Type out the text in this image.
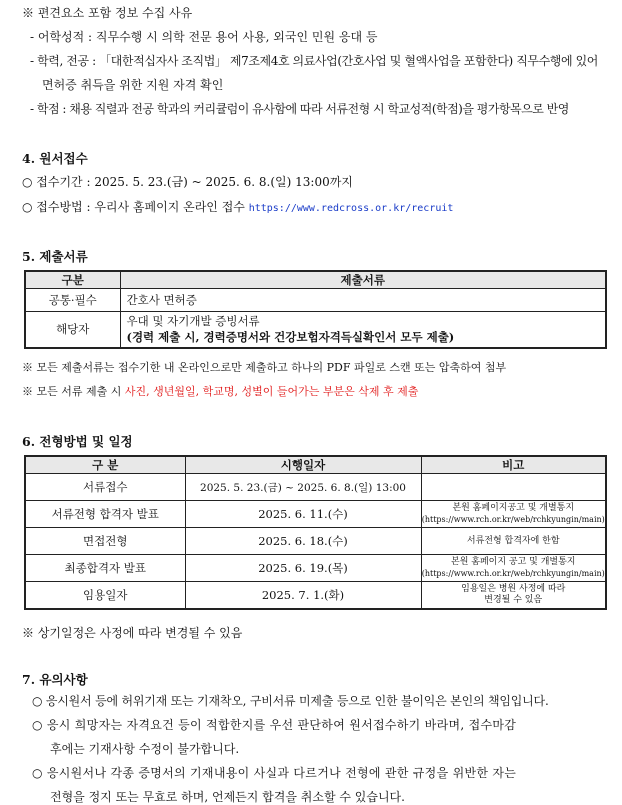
※ 편견요소 포함 정보 수집 사유
- 어학성적 : 직무수행 시 의학 전문 용어 사용, 외국인 민원 응대 등
- 학력, 전공 : 「대한적십자사 조직법」 제7조제4호 의료사업(간호사업 및 혈액사업을 포함한다) 직무수행에 있어
면허증 취득을 위한 지원 자격 확인
- 학점 : 채용 직렬과 전공 학과의 커리큘럼이 유사함에 따라 서류전형 시 학교성적(학점)을 평가항목으로 반영
4. 원서접수
○ 접수기간 : 2025. 5. 23.(금) ~ 2025. 6. 8.(일) 13:00까지
○ 접수방법 : 우리사 홈페이지 온라인 접수 https://www.redcross.or.kr/recruit
5. 제출서류
구분	제출서류
공통·필수	간호사 면허증
해당자	우대 및 자기개발 증빙서류
(경력 제출 시, 경력증명서와 건강보험자격득실확인서 모두 제출)
※ 모든 제출서류는 접수기한 내 온라인으로만 제출하고 하나의 PDF 파일로 스캔 또는 압축하여 첨부
※ 모든 서류 제출 시 사진, 생년월일, 학교명, 성별이 들어가는 부분은 삭제 후 제출
6. 전형방법 및 일정
구 분	시행일자	비고
서류접수	2025. 5. 23.(금) ~ 2025. 6. 8.(일) 13:00	
서류전형 합격자 발표	2025. 6. 11.(수)	본원 홈페이지공고 및 개별통지
(https://www.rch.or.kr/web/rchkyungin/main)

면접전형	2025. 6. 18.(수)	서류전형 합격자에 한함

최종합격자 발표	2025. 6. 19.(목)	본원 홈페이지 공고 및 개별통지
(https://www.rch.or.kr/web/rchkyungin/main)

임용일자	2025. 7. 1.(화)	임용일은 병원 사정에 따라
변경될 수 있음
※ 상기일정은 사정에 따라 변경될 수 있음
7. 유의사항
○ 응시원서 등에 허위기재 또는 기재착오, 구비서류 미제출 등으로 인한 불이익은 본인의 책임입니다.
○ 응시 희망자는 자격요건 등이 적합한지를 우선 판단하여 원서접수하기 바라며, 접수마감
후에는 기재사항 수정이 불가합니다.
○ 응시원서나 각종 증명서의 기재내용이 사실과 다르거나 전형에 관한 규정을 위반한 자는
전형을 정지 또는 무효로 하며, 언제든지 합격을 취소할 수 있습니다.
